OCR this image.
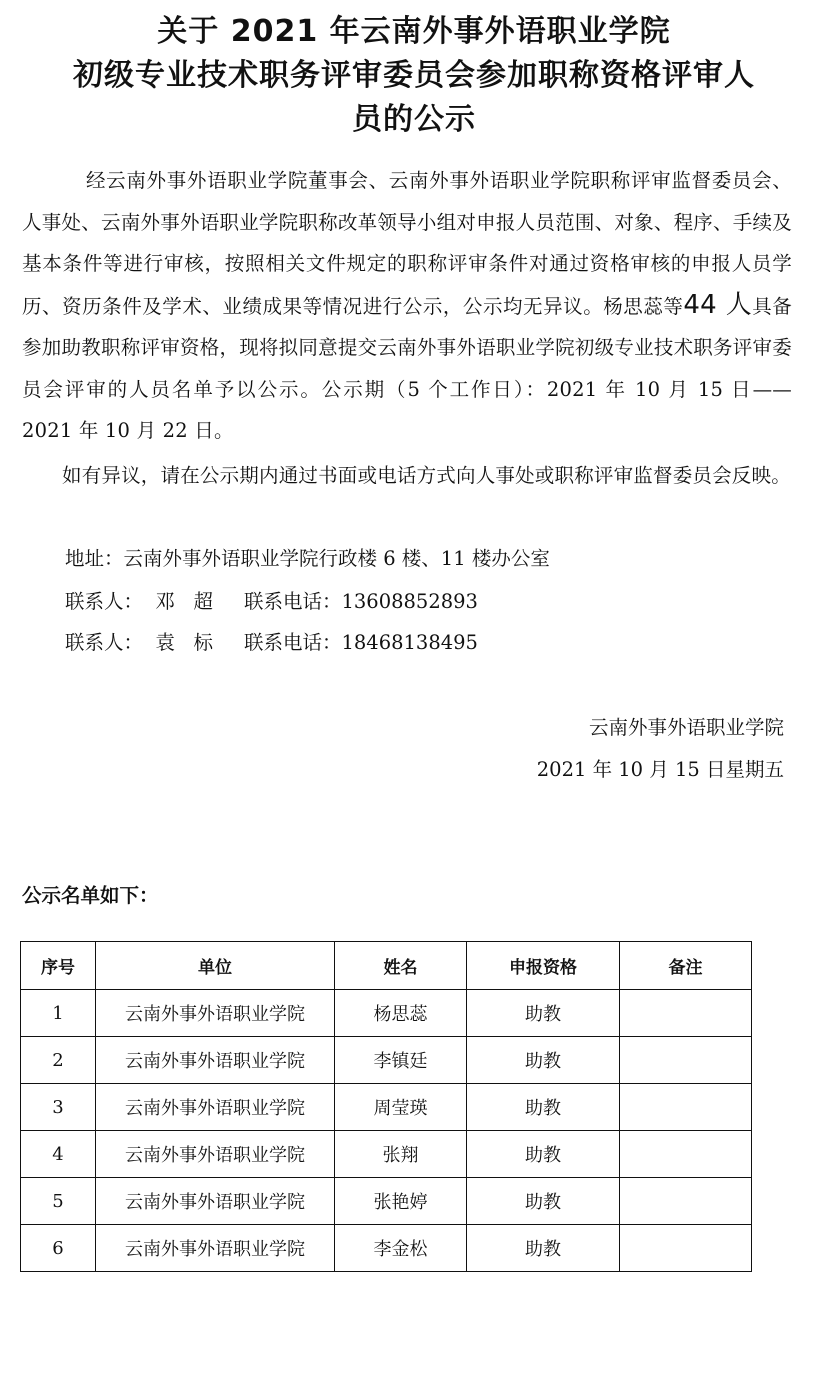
关于 2021 年云南外事外语职业学院
初级专业技术职务评审委员会参加职称资格评审人
员的公示

经云南外事外语职业学院董事会、云南外事外语职业学院职称评审监督委员会、人事处、云南外事外语职业学院职称改革领导小组对申报人员范围、对象、程序、手续及基本条件等进行审核，按照相关文件规定的职称评审条件对通过资格审核的申报人员学历、资历条件及学术、业绩成果等情况进行公示，公示均无异议。杨思蕊等44 人具备参加助教职称评审资格，现将拟同意提交云南外事外语职业学院初级专业技术职务评审委员会评审的人员名单予以公示。公示期（5 个工作日）：2021 年 10 月 15 日—— 2021 年 10 月 22 日。

如有异议，请在公示期内通过书面或电话方式向人事处或职称评审监督委员会反映。

地址：云南外事外语职业学院行政楼 6 楼、11 楼办公室
联系人：  邓   超     联系电话：13608852893
联系人：  袁   标     联系电话：18468138495
云南外事外语职业学院
2021 年 10 月 15 日星期五
公示名单如下：
序号	单位	姓名	申报资格	备注
1	云南外事外语职业学院	杨思蕊	助教	
2	云南外事外语职业学院	李镇廷	助教	
3	云南外事外语职业学院	周莹瑛	助教	
4	云南外事外语职业学院	张翔	助教	
5	云南外事外语职业学院	张艳婷	助教	
6	云南外事外语职业学院	李金松	助教	
